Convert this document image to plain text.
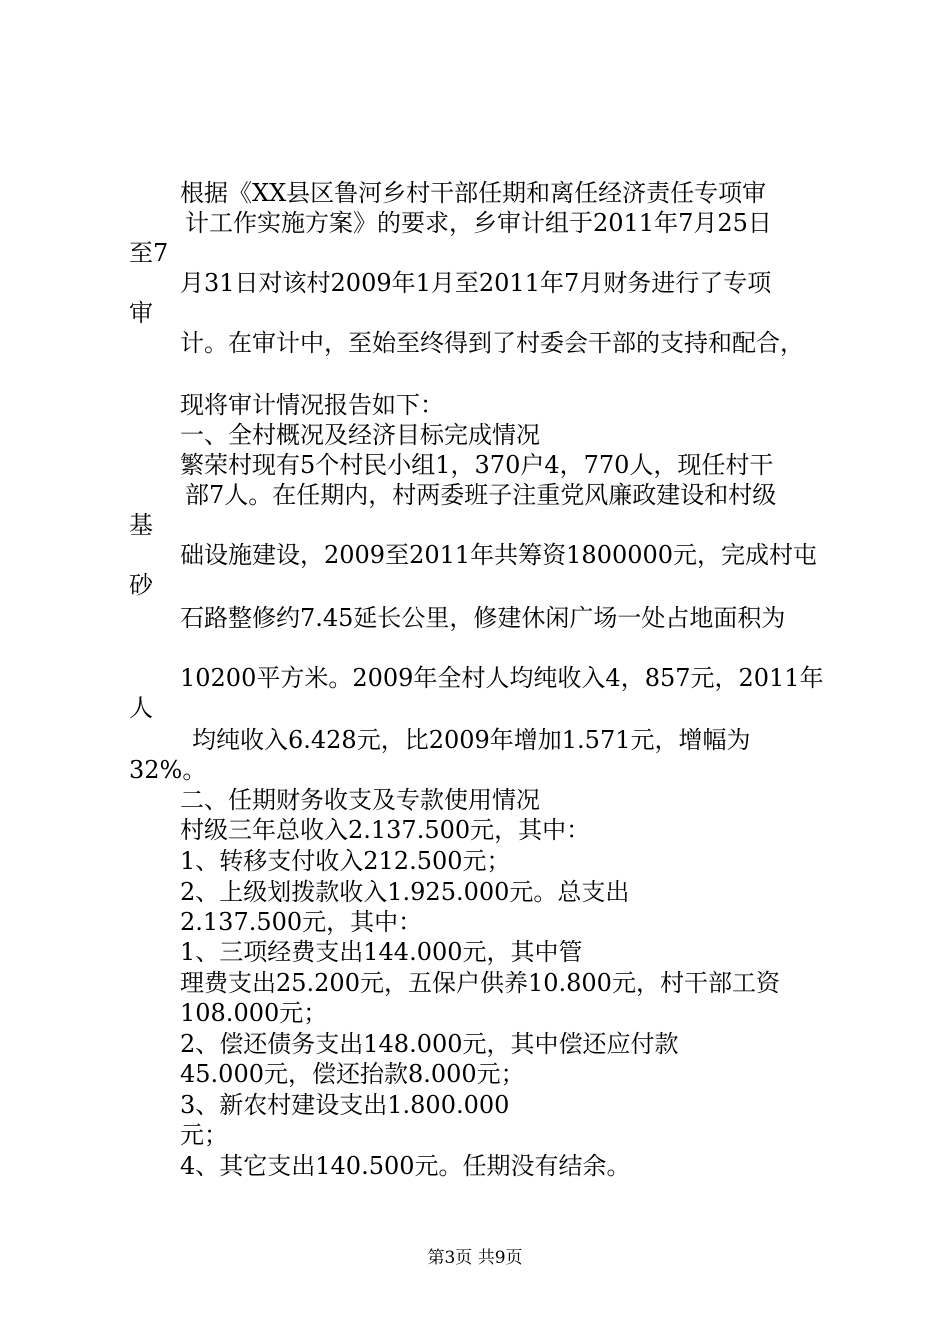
根据《XX县区鲁河乡村干部任期和离任经济责任专项审
计工作实施方案》的要求，乡审计组于2011年7月25日
至7
月31日对该村2009年1月至2011年7月财务进行了专项
审
计。在审计中，至始至终得到了村委会干部的支持和配合，
现将审计情况报告如下：
一、全村概况及经济目标完成情况
繁荣村现有5个村民小组1，370户4，770人，现任村干
部7人。在任期内，村两委班子注重党风廉政建设和村级
基
础设施建设，2009至2011年共筹资1800000元，完成村屯
砂
石路整修约7.45延长公里，修建休闲广场一处占地面积为
10200平方米。2009年全村人均纯收入4，857元，2011年
人
均纯收入6.428元，比2009年增加1.571元，增幅为
32%。
二、任期财务收支及专款使用情况
村级三年总收入2.137.500元，其中：
1、转移支付收入212.500元；
2、上级划拨款收入1.925.000元。总支出
2.137.500元，其中：
1、三项经费支出144.000元，其中管
理费支出25.200元，五保户供养10.800元，村干部工资
108.000元；
2、偿还债务支出148.000元，其中偿还应付款
45.000元，偿还抬款8.000元；
3、新农村建设支出1.800.000
元；
4、其它支出140.500元。任期没有结余。
第3页 共9页
